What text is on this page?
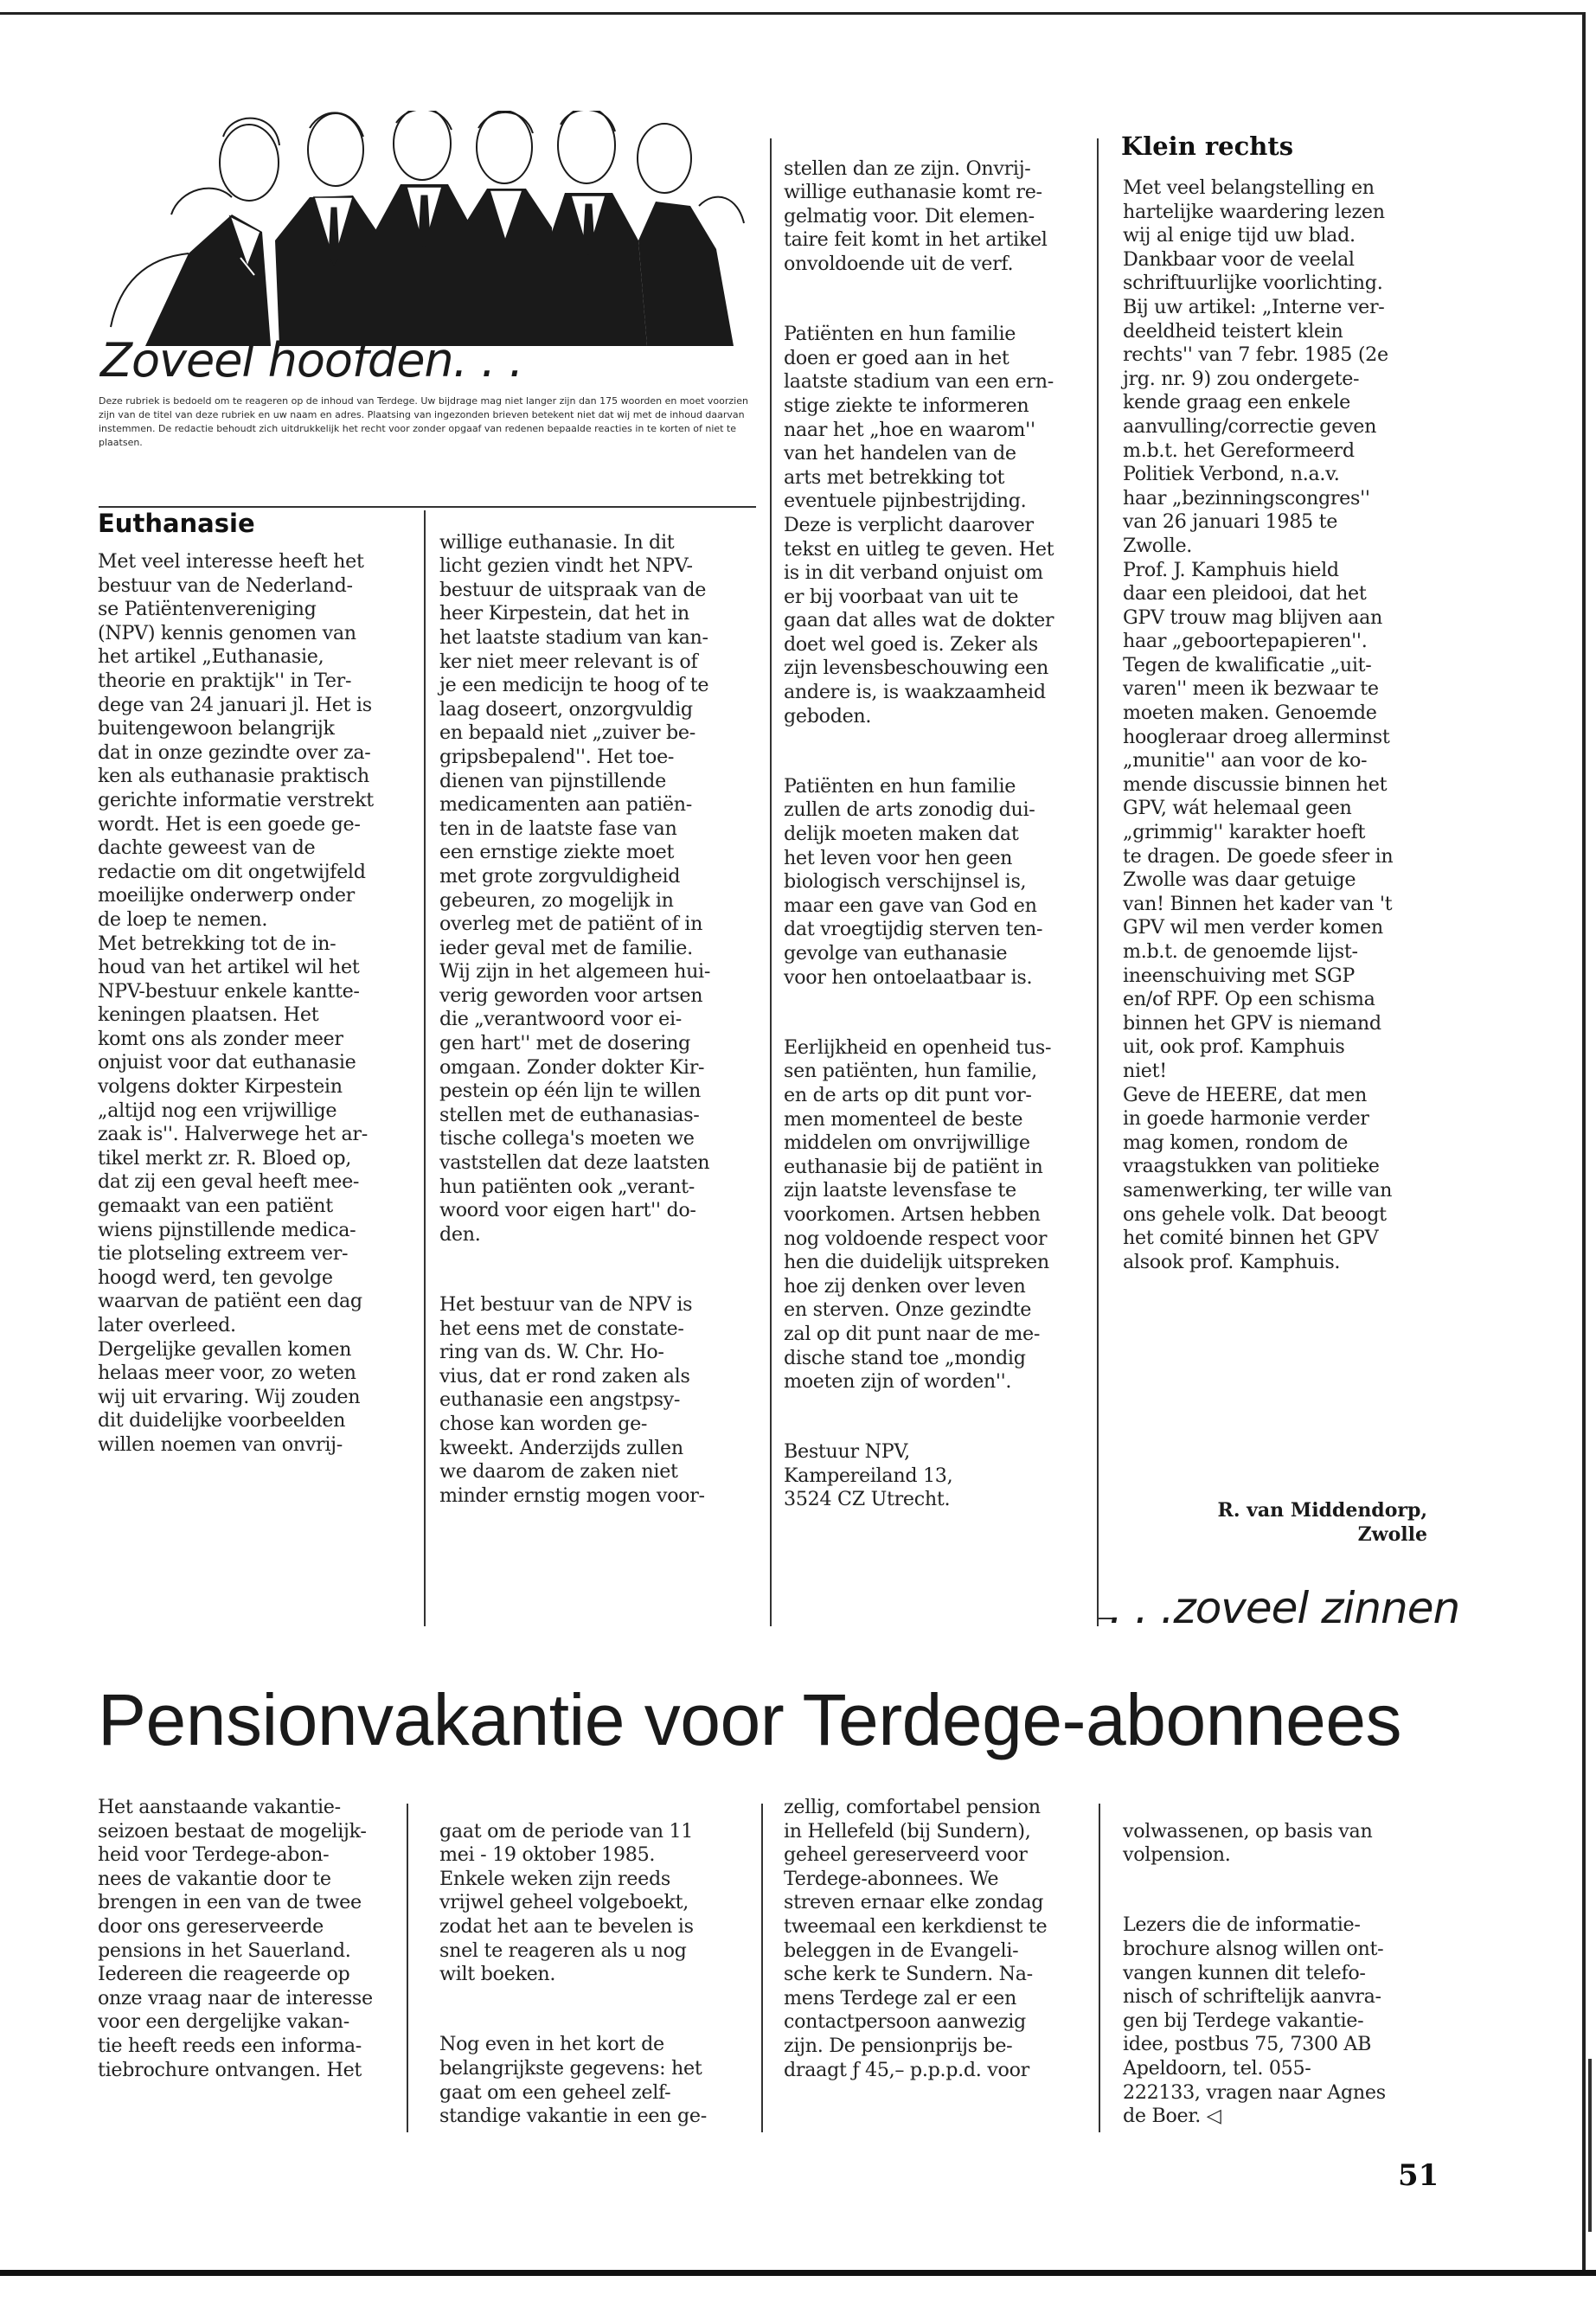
Zoveel hoofden. . .
Deze rubriek is bedoeld om te reageren op de inhoud van Terdege. Uw bijdrage mag niet langer zijn dan 175 woorden en moet voorzien zijn van de titel van deze rubriek en uw naam en adres. Plaatsing van ingezonden brieven betekent niet dat wij met de inhoud daarvan instemmen. De redactie behoudt zich uitdrukkelijk het recht voor zonder opgaaf van redenen bepaalde reacties in te korten of niet te plaatsen.
Euthanasie
Met veel interesse heeft het
bestuur van de Nederland-
se Patiëntenvereniging
(NPV) kennis genomen van
het artikel „Euthanasie,
theorie en praktijk'' in Ter-
dege van 24 januari jl. Het is
buitengewoon belangrijk
dat in onze gezindte over za-
ken als euthanasie praktisch
gerichte informatie verstrekt
wordt. Het is een goede ge-
dachte geweest van de
redactie om dit ongetwijfeld
moeilijke onderwerp onder
de loep te nemen.
Met betrekking tot de in-
houd van het artikel wil het
NPV-bestuur enkele kantte-
keningen plaatsen. Het
komt ons als zonder meer
onjuist voor dat euthanasie
volgens dokter Kirpestein
„altijd nog een vrijwillige
zaak is''. Halverwege het ar-
tikel merkt zr. R. Bloed op,
dat zij een geval heeft mee-
gemaakt van een patiënt
wiens pijnstillende medica-
tie plotseling extreem ver-
hoogd werd, ten gevolge
waarvan de patiënt een dag
later overleed.
Dergelijke gevallen komen
helaas meer voor, zo weten
wij uit ervaring. Wij zouden
dit duidelijke voorbeelden
willen noemen van onvrij-

willige euthanasie. In dit
licht gezien vindt het NPV-
bestuur de uitspraak van de
heer Kirpestein, dat het in
het laatste stadium van kan-
ker niet meer relevant is of
je een medicijn te hoog of te
laag doseert, onzorgvuldig
en bepaald niet „zuiver be-
gripsbepalend''. Het toe-
dienen van pijnstillende
medicamenten aan patiën-
ten in de laatste fase van
een ernstige ziekte moet
met grote zorgvuldigheid
gebeuren, zo mogelijk in
overleg met de patiënt of in
ieder geval met de familie.
Wij zijn in het algemeen hui-
verig geworden voor artsen
die „verantwoord voor ei-
gen hart'' met de dosering
omgaan. Zonder dokter Kir-
pestein op één lijn te willen
stellen met de euthanasias-
tische collega's moeten we
vaststellen dat deze laatsten
hun patiënten ook „verant-
woord voor eigen hart'' do-
den.

Het bestuur van de NPV is
het eens met de constate-
ring van ds. W. Chr. Ho-
vius, dat er rond zaken als
euthanasie een angstpsy-
chose kan worden ge-
kweekt. Anderzijds zullen
we daarom de zaken niet
minder ernstig mogen voor-

stellen dan ze zijn. Onvrij-
willige euthanasie komt re-
gelmatig voor. Dit elemen-
taire feit komt in het artikel
onvoldoende uit de verf.

Patiënten en hun familie
doen er goed aan in het
laatste stadium van een ern-
stige ziekte te informeren
naar het „hoe en waarom''
van het handelen van de
arts met betrekking tot
eventuele pijnbestrijding.
Deze is verplicht daarover
tekst en uitleg te geven. Het
is in dit verband onjuist om
er bij voorbaat van uit te
gaan dat alles wat de dokter
doet wel goed is. Zeker als
zijn levensbeschouwing een
andere is, is waakzaamheid
geboden.

Patiënten en hun familie
zullen de arts zonodig dui-
delijk moeten maken dat
het leven voor hen geen
biologisch verschijnsel is,
maar een gave van God en
dat vroegtijdig sterven ten-
gevolge van euthanasie
voor hen ontoelaatbaar is.

Eerlijkheid en openheid tus-
sen patiënten, hun familie,
en de arts op dit punt vor-
men momenteel de beste
middelen om onvrijwillige
euthanasie bij de patiënt in
zijn laatste levensfase te
voorkomen. Artsen hebben
nog voldoende respect voor
hen die duidelijk uitspreken
hoe zij denken over leven
en sterven. Onze gezindte
zal op dit punt naar de me-
dische stand toe „mondig
moeten zijn of worden''.

Bestuur NPV,
Kampereiland 13,
3524 CZ Utrecht.

Klein rechts
Met veel belangstelling en
hartelijke waardering lezen
wij al enige tijd uw blad.
Dankbaar voor de veelal
schriftuurlijke voorlichting.
Bij uw artikel: „Interne ver-
deeldheid teistert klein
rechts'' van 7 febr. 1985 (2e
jrg. nr. 9) zou ondergete-
kende graag een enkele
aanvulling/correctie geven
m.b.t. het Gereformeerd
Politiek Verbond, n.a.v.
haar „bezinningscongres''
van 26 januari 1985 te
Zwolle.
Prof. J. Kamphuis hield
daar een pleidooi, dat het
GPV trouw mag blijven aan
haar „geboortepapieren''.
Tegen de kwalificatie „uit-
varen'' meen ik bezwaar te
moeten maken. Genoemde
hoogleraar droeg allerminst
„munitie'' aan voor de ko-
mende discussie binnen het
GPV, wát helemaal geen
„grimmig'' karakter hoeft
te dragen. De goede sfeer in
Zwolle was daar getuige
van! Binnen het kader van 't
GPV wil men verder komen
m.b.t. de genoemde lijst-
ineenschuiving met SGP
en/of RPF. Op een schisma
binnen het GPV is niemand
uit, ook prof. Kamphuis
niet!
Geve de HEERE, dat men
in goede harmonie verder
mag komen, rondom de
vraagstukken van politieke
samenwerking, ter wille van
ons gehele volk. Dat beoogt
het comité binnen het GPV
alsook prof. Kamphuis.
R. van Middendorp,
Zwolle
. . .zoveel zinnen
Pensionvakantie voor Terdege-abonnees
Het aanstaande vakantie-
seizoen bestaat de mogelijk-
heid voor Terdege-abon-
nees de vakantie door te
brengen in een van de twee
door ons gereserveerde
pensions in het Sauerland.
Iedereen die reageerde op
onze vraag naar de interesse
voor een dergelijke vakan-
tie heeft reeds een informa-
tiebrochure ontvangen. Het

gaat om de periode van 11
mei - 19 oktober 1985.
Enkele weken zijn reeds
vrijwel geheel volgeboekt,
zodat het aan te bevelen is
snel te reageren als u nog
wilt boeken.

Nog even in het kort de
belangrijkste gegevens: het
gaat om een geheel zelf-
standige vakantie in een ge-

zellig, comfortabel pension
in Hellefeld (bij Sundern),
geheel gereserveerd voor
Terdege-abonnees. We
streven ernaar elke zondag
tweemaal een kerkdienst te
beleggen in de Evangeli-
sche kerk te Sundern. Na-
mens Terdege zal er een
contactpersoon aanwezig
zijn. De pensionprijs be-
draagt ƒ 45,– p.p.p.d. voor

volwassenen, op basis van
volpension.

Lezers die de informatie-
brochure alsnog willen ont-
vangen kunnen dit telefo-
nisch of schriftelijk aanvra-
gen bij Terdege vakantie-
idee, postbus 75, 7300 AB
Apeldoorn, tel. 055-
222133, vragen naar Agnes
de Boer. ◁

51
